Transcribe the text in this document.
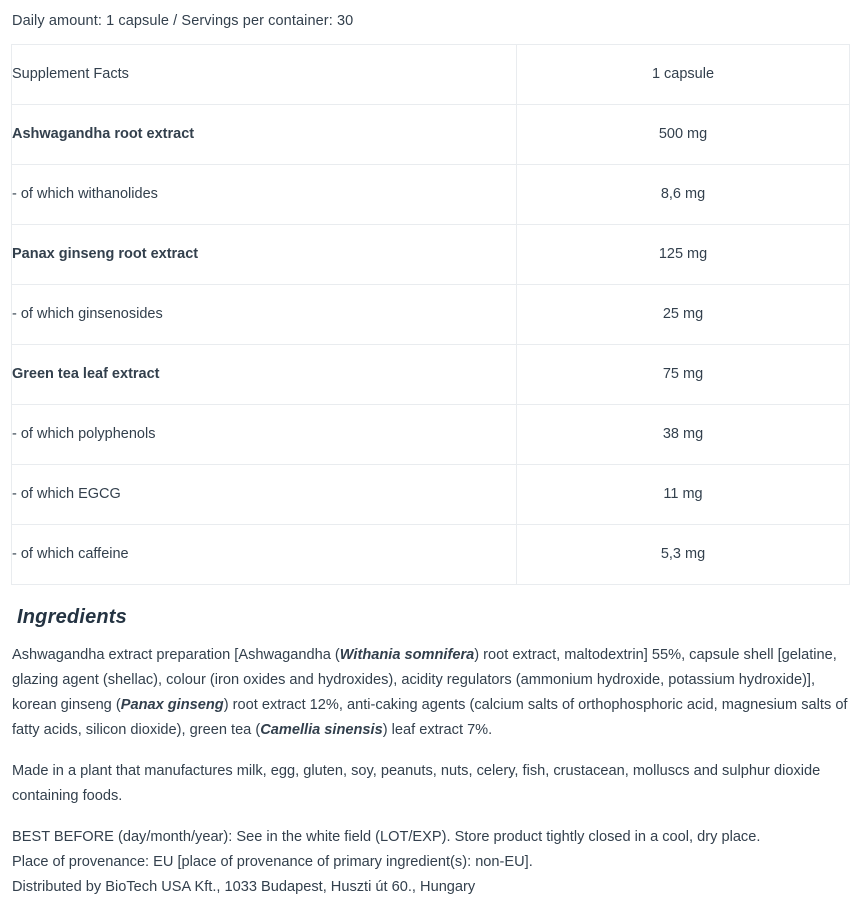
Daily amount: 1 capsule / Servings per container: 30
Supplement Facts	1 capsule
Ashwagandha root extract	500 mg
- of which withanolides	8,6 mg
Panax ginseng root extract	125 mg
- of which ginsenosides	25 mg
Green tea leaf extract	75 mg
- of which polyphenols	38 mg
- of which EGCG	11 mg
- of which caffeine	5,3 mg
Ingredients

Ashwagandha extract preparation [Ashwagandha (Withania somnifera) root extract, maltodextrin] 55%, capsule shell [gelatine, glazing agent (shellac), colour (iron oxides and hydroxides), acidity regulators (ammonium hydroxide, potassium hydroxide)], korean ginseng (Panax ginseng) root extract 12%, anti-caking agents (calcium salts of orthophosphoric acid, magnesium salts of fatty acids, silicon dioxide), green tea (Camellia sinensis) leaf extract 7%.

Made in a plant that manufactures milk, egg, gluten, soy, peanuts, nuts, celery, fish, crustacean, molluscs and sulphur dioxide containing foods.

BEST BEFORE (day/month/year): See in the white field (LOT/EXP). Store product tightly closed in a cool, dry place.
Place of provenance: EU [place of provenance of primary ingredient(s): non-EU].
Distributed by BioTech USA Kft., 1033 Budapest, Huszti út 60., Hungary
